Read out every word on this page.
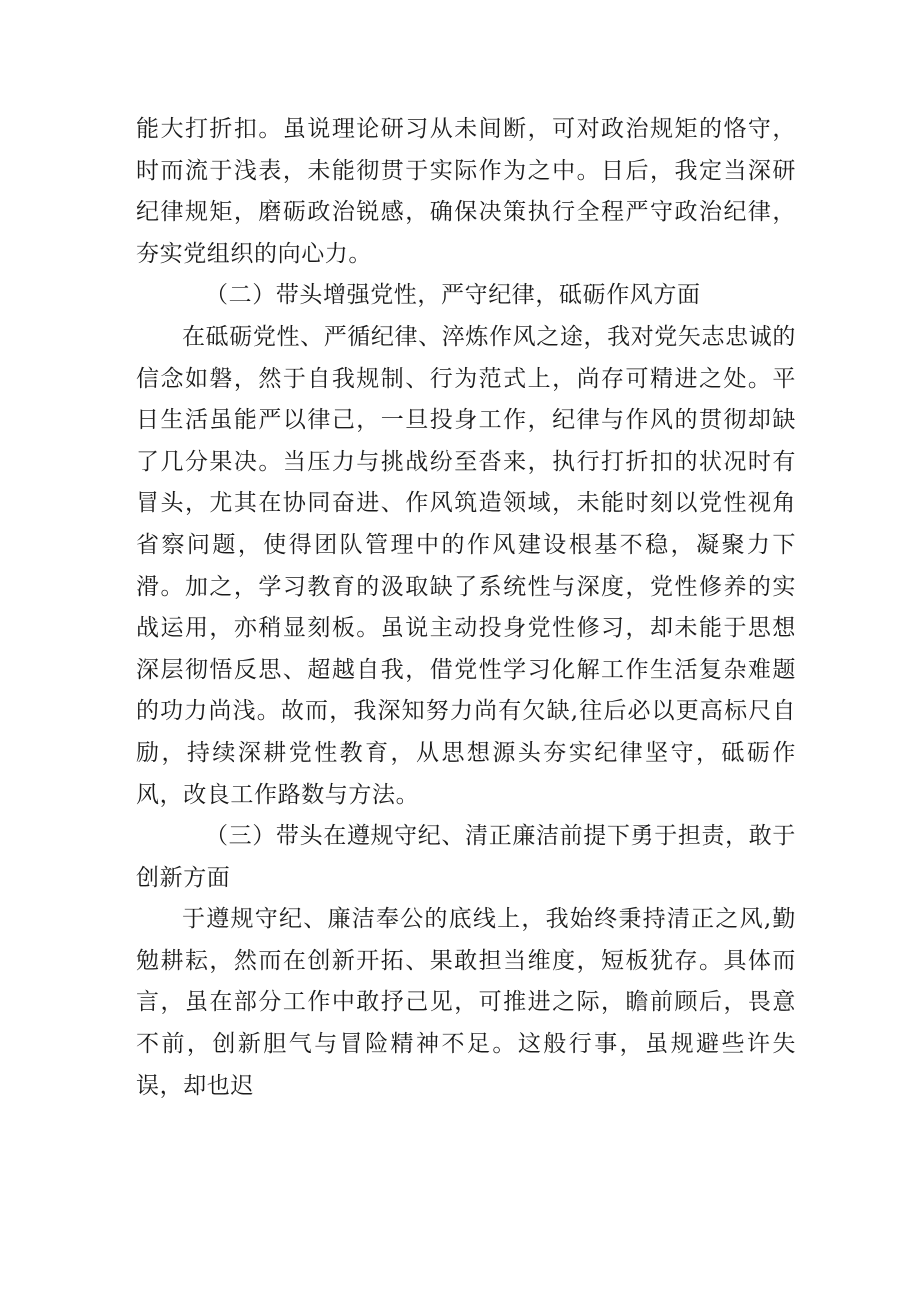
能大打折扣。虽说理论研习从未间断，可对政治规矩的恪守，时而流于浅表，未能彻贯于实际作为之中。日后，我定当深研纪律规矩，磨砺政治锐感，确保决策执行全程严守政治纪律，夯实党组织的向心力。

（二）带头增强党性，严守纪律，砥砺作风方面

在砥砺党性、严循纪律、淬炼作风之途，我对党矢志忠诚的信念如磐，然于自我规制、行为范式上，尚存可精进之处。平日生活虽能严以律己，一旦投身工作，纪律与作风的贯彻却缺了几分果决。当压力与挑战纷至沓来，执行打折扣的状况时有冒头，尤其在协同奋进、作风筑造领域，未能时刻以党性视角省察问题，使得团队管理中的作风建设根基不稳，凝聚力下滑。加之，学习教育的汲取缺了系统性与深度，党性修养的实战运用，亦稍显刻板。虽说主动投身党性修习，却未能于思想深层彻悟反思、超越自我，借党性学习化解工作生活复杂难题的功力尚浅。故而，我深知努力尚有欠缺,往后必以更高标尺自励，持续深耕党性教育，从思想源头夯实纪律坚守，砥砺作风，改良工作路数与方法。

（三）带头在遵规守纪、清正廉洁前提下勇于担责，敢于创新方面

于遵规守纪、廉洁奉公的底线上，我始终秉持清正之风,勤勉耕耘，然而在创新开拓、果敢担当维度，短板犹存。具体而言，虽在部分工作中敢抒己见，可推进之际，瞻前顾后，畏意不前，创新胆气与冒险精神不足。这般行事，虽规避些许失误，却也迟
